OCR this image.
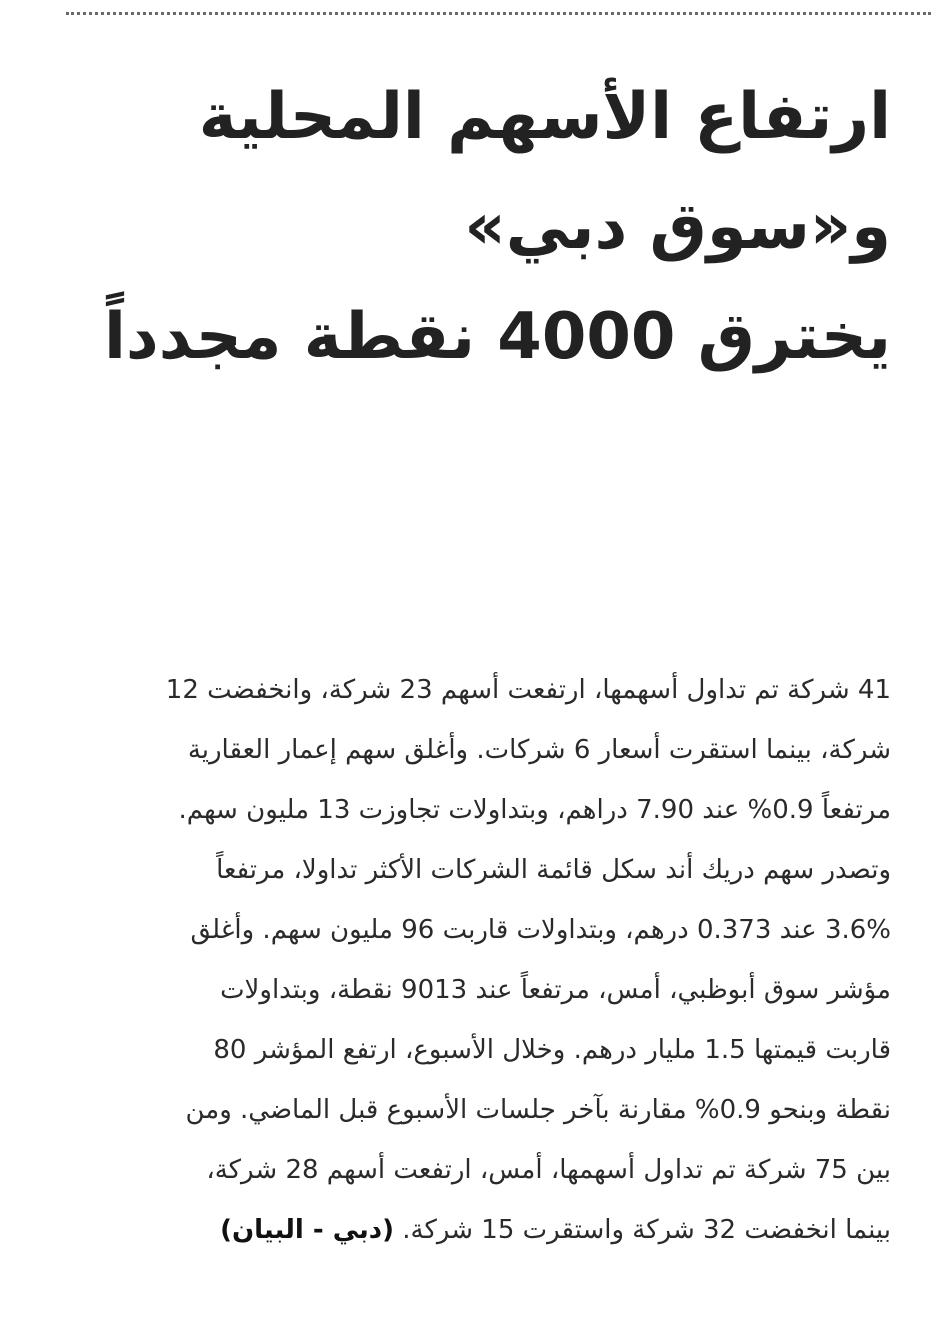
ارتفاع الأسهم المحلية
و«سوق دبي»
يخترق 4000 نقطة مجدداً
41 شركة تم تداول أسهمها، ارتفعت أسهم 23 شركة، وانخفضت 12
شركة، بينما استقرت أسعار 6 شركات. وأغلق سهم إعمار العقارية
مرتفعاً 0.9% عند 7.90 دراهم، وبتداولات تجاوزت 13 مليون سهم.
وتصدر سهم دريك أند سكل قائمة الشركات الأكثر تداولا، مرتفعاً
3.6% عند 0.373 درهم، وبتداولات قاربت 96 مليون سهم. وأغلق
مؤشر سوق أبوظبي، أمس، مرتفعاً عند 9013 نقطة، وبتداولات
قاربت قيمتها 1.5 مليار درهم. وخلال الأسبوع، ارتفع المؤشر 80
نقطة وبنحو 0.9% مقارنة بآخر جلسات الأسبوع قبل الماضي. ومن
بين 75 شركة تم تداول أسهمها، أمس، ارتفعت أسهم 28 شركة،
بينما انخفضت 32 شركة واستقرت 15 شركة. (دبي - البيان)
